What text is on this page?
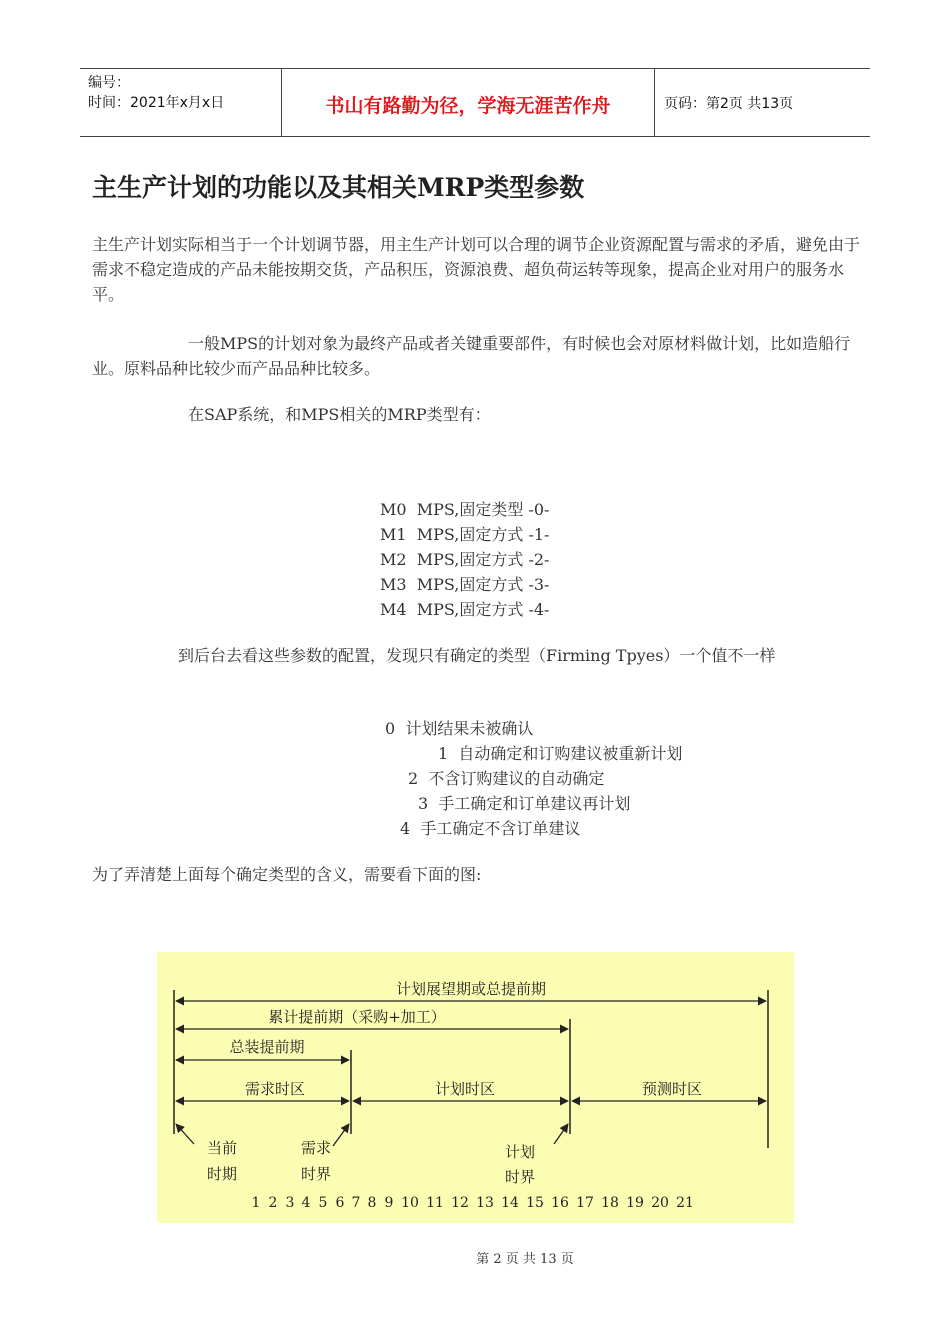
编号：
时间：2021年x月x日	书山有路勤为径，学海无涯苦作舟	页码：第2页 共13页
主生产计划的功能以及其相关MRP类型参数

主生产计划实际相当于一个计划调节器，用主生产计划可以合理的调节企业资源配置与需求的矛盾，避免由于需求不稳定造成的产品未能按期交货，产品积压，资源浪费、超负荷运转等现象，提高企业对用户的服务水平。

一般MPS的计划对象为最终产品或者关键重要部件，有时候也会对原材料做计划，比如造船行业。原料品种比较少而产品品种比较多。

在SAP系统，和MPS相关的MRP类型有：

M0  MPS,固定类型 -0-
M1  MPS,固定方式 -1-
M2  MPS,固定方式 -2-
M3  MPS,固定方式 -3-
M4  MPS,固定方式 -4-

到后台去看这些参数的配置，发现只有确定的类型（Firming Tpyes）一个值不一样

0  计划结果未被确认
1  自动确定和订购建议被重新计划
2  不含订购建议的自动确定
3  手工确定和订单建议再计划
4  手工确定不含订单建议

为了弄清楚上面每个确定类型的含义，需要看下面的图:

计划展望期或总提前期
累计提前期（采购+加工）
总装提前期
需求时区	计划时区	预测时区
当前
时期
需求
时界
计划
时界
1 2 3 4 5 6 7 8 9 10 11 12 13 14 15 16 17 18 19 20 21
第 2 页 共 13 页
